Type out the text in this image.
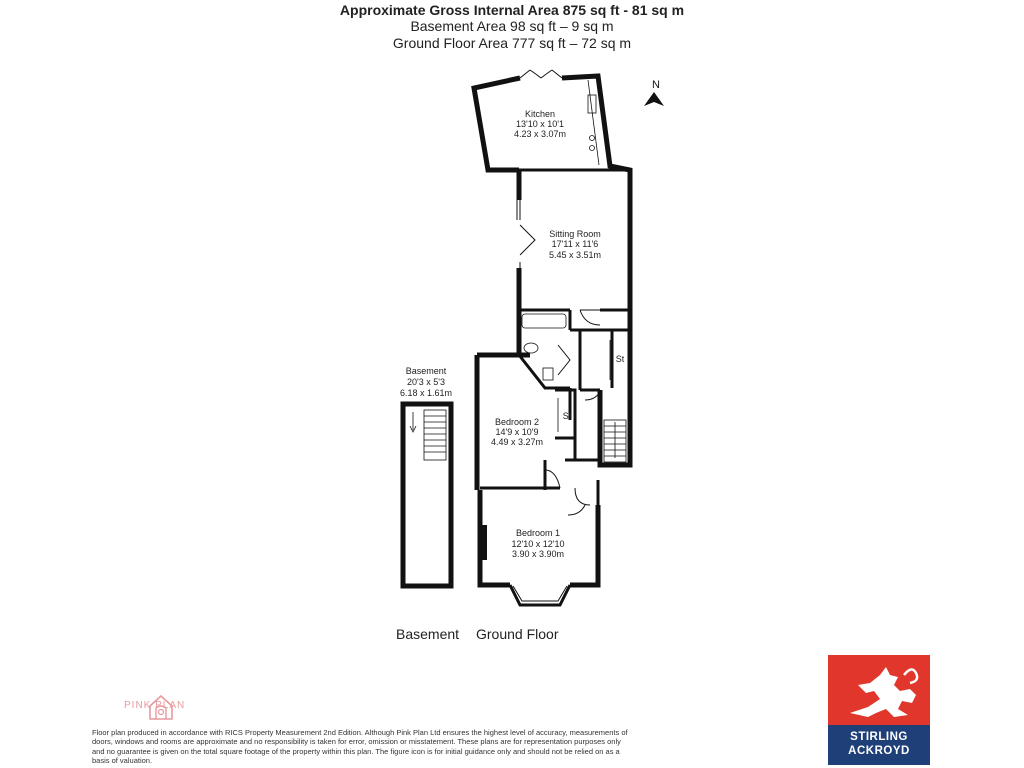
Approximate Gross Internal Area 875 sq ft - 81 sq m
Basement Area 98 sq ft – 9 sq m
Ground Floor Area 777 sq ft – 72 sq m
N
Kitchen
13'10 x 10'1
4.23 x 3.07m
Sitting Room
17'11 x 11'6
5.45 x 3.51m
Bedroom 2
14'9 x 10'9
4.49 x 3.27m
Bedroom 1
12'10 x 12'10
3.90 x 3.90m
Basement
20'3 x 5'3
6.18 x 1.61m
St
St
Basement Ground Floor
PINK PLAN
Floor plan produced in accordance with RICS Property Measurement 2nd Edition. Although Pink Plan Ltd ensures the highest level of accuracy, measurements of doors, windows and rooms are approximate and no responsibility is taken for error, omission or misstatement. These plans are for representation purposes only and no guarantee is given on the total square footage of the property within this plan. The figure icon is for initial guidance only and should not be relied on as a basis of valuation.
STIRLING
ACKROYD
